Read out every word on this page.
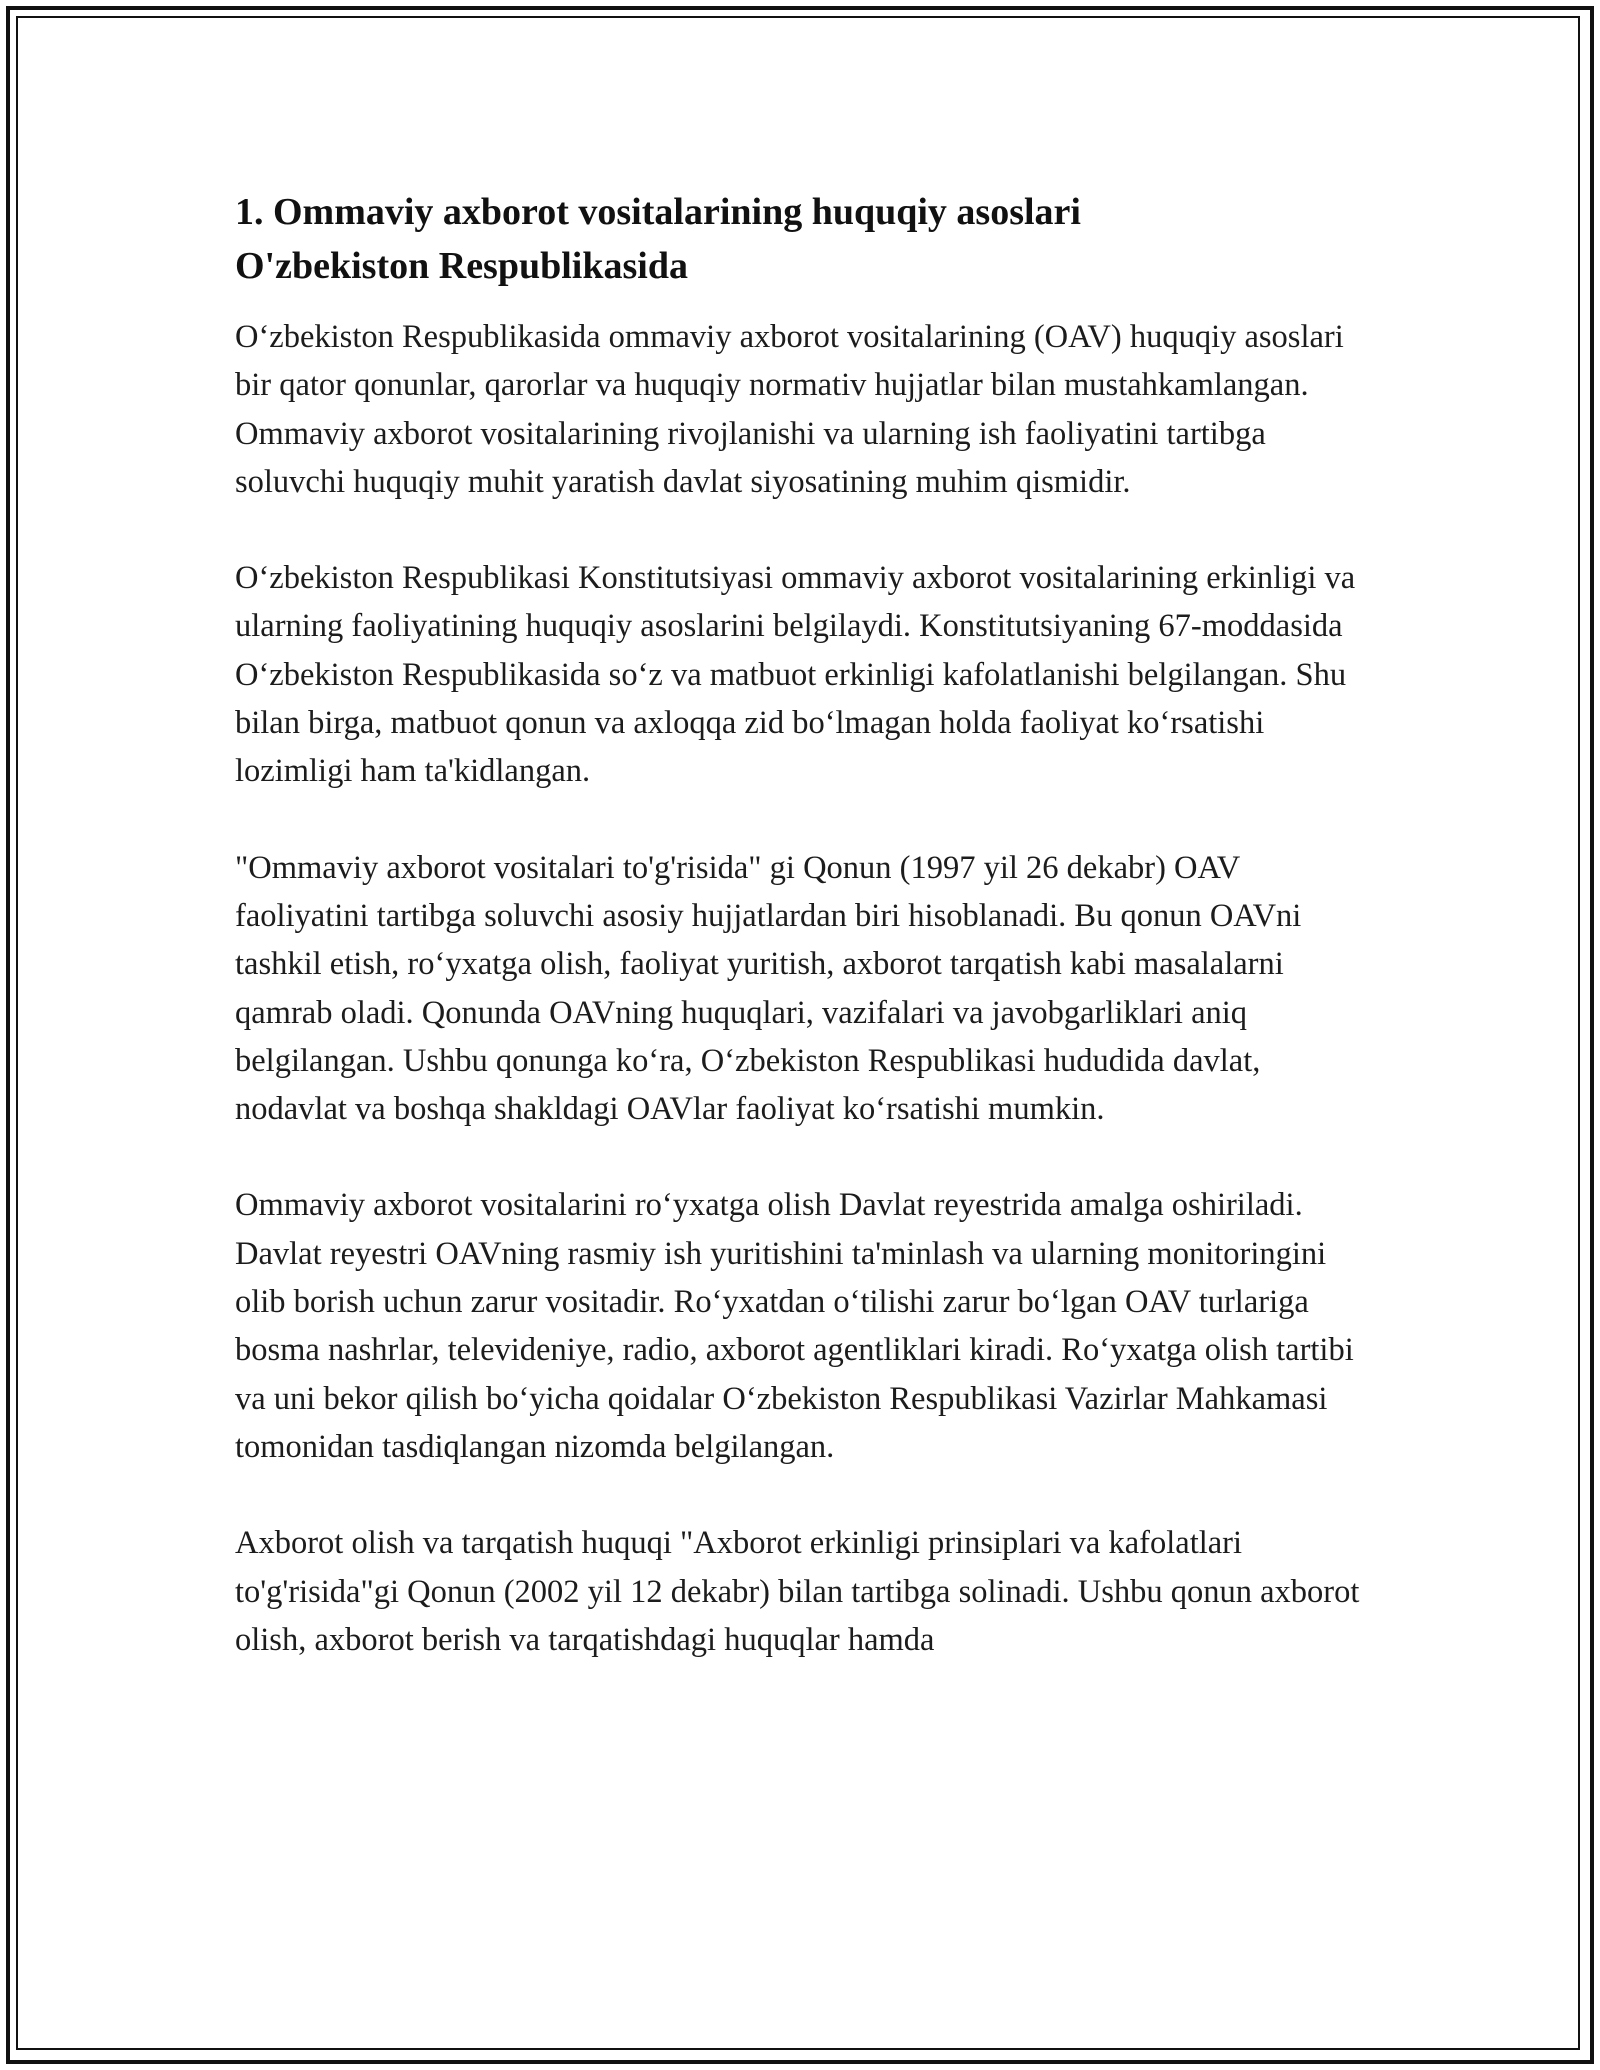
1. Ommaviy axborot vositalarining huquqiy asoslari
O'zbekiston Respublikasida

O‘zbekiston Respublikasida ommaviy axborot vositalarining (OAV) huquqiy asoslari bir qator qonunlar, qarorlar va huquqiy normativ hujjatlar bilan mustahkamlangan. Ommaviy axborot vositalarining rivojlanishi va ularning ish faoliyatini tartibga soluvchi huquqiy muhit yaratish davlat siyosatining muhim qismidir.

O‘zbekiston Respublikasi Konstitutsiyasi ommaviy axborot vositalarining erkinligi va ularning faoliyatining huquqiy asoslarini belgilaydi. Konstitutsiyaning 67-moddasida O‘zbekiston Respublikasida so‘z va matbuot erkinligi kafolatlanishi belgilangan. Shu bilan birga, matbuot qonun va axloqqa zid bo‘lmagan holda faoliyat ko‘rsatishi lozimligi ham ta'kidlangan.

"Ommaviy axborot vositalari to'g'risida" gi Qonun (1997 yil 26 dekabr) OAV faoliyatini tartibga soluvchi asosiy hujjatlardan biri hisoblanadi. Bu qonun OAVni tashkil etish, ro‘yxatga olish, faoliyat yuritish, axborot tarqatish kabi masalalarni qamrab oladi. Qonunda OAVning huquqlari, vazifalari va javobgarliklari aniq belgilangan. Ushbu qonunga ko‘ra, O‘zbekiston Respublikasi hududida davlat, nodavlat va boshqa shakldagi OAVlar faoliyat ko‘rsatishi mumkin.

Ommaviy axborot vositalarini ro‘yxatga olish Davlat reyestrida amalga oshiriladi. Davlat reyestri OAVning rasmiy ish yuritishini ta'minlash va ularning monitoringini olib borish uchun zarur vositadir. Ro‘yxatdan o‘tilishi zarur bo‘lgan OAV turlariga bosma nashrlar, televideniye, radio, axborot agentliklari kiradi. Ro‘yxatga olish tartibi va uni bekor qilish bo‘yicha qoidalar O‘zbekiston Respublikasi Vazirlar Mahkamasi tomonidan tasdiqlangan nizomda belgilangan.

Axborot olish va tarqatish huquqi "Axborot erkinligi prinsiplari va kafolatlari to'g'risida"gi Qonun (2002 yil 12 dekabr) bilan tartibga solinadi. Ushbu qonun axborot olish, axborot berish va tarqatishdagi huquqlar hamda
